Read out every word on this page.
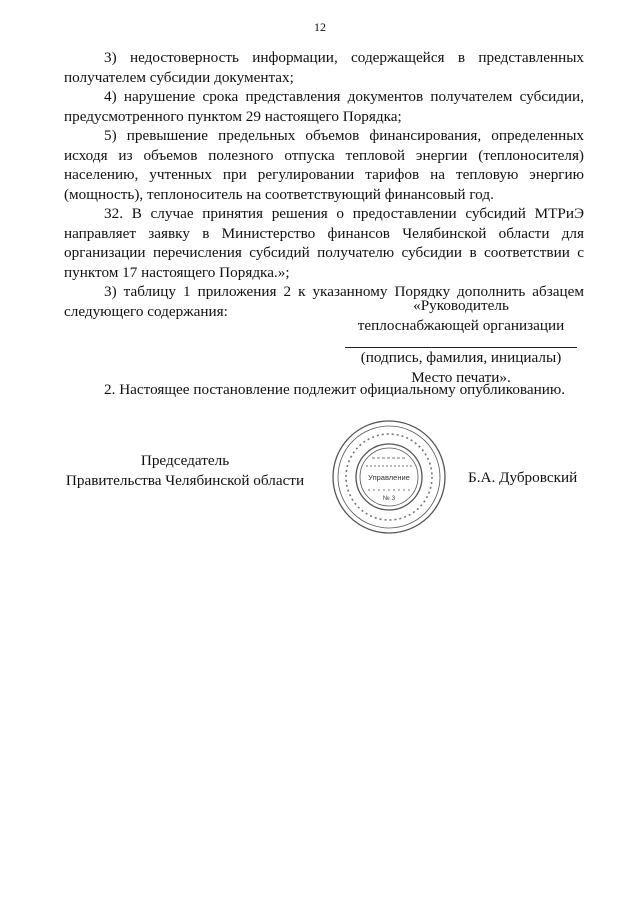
12

3) недостоверность информации, содержащейся в представленных получателем субсидии документах;

4) нарушение срока представления документов получателем субсидии, предусмотренного пунктом 29 настоящего Порядка;

5) превышение предельных объемов финансирования, определенных исходя из объемов полезного отпуска тепловой энергии (теплоносителя) населению, учтенных при регулировании тарифов на тепловую энергию (мощность), теплоноситель на соответствующий финансовый год.

32. В случае принятия решения о предоставлении субсидий МТРиЭ направляет заявку в Министерство финансов Челябинской области для организации перечисления субсидий получателю субсидии в соответствии с пунктом 17 настоящего Порядка.»;

3) таблицу 1 приложения 2 к указанному Порядку дополнить абзацем следующего содержания:	«Руководитель
теплоснабжающей организации
(подпись, фамилия, инициалы)
Место печати».
2. Настоящее постановление подлежит официальному опубликованию.
Председатель
Правительства Челябинской области	Управление
№ 3
Б.А. Дубровский
